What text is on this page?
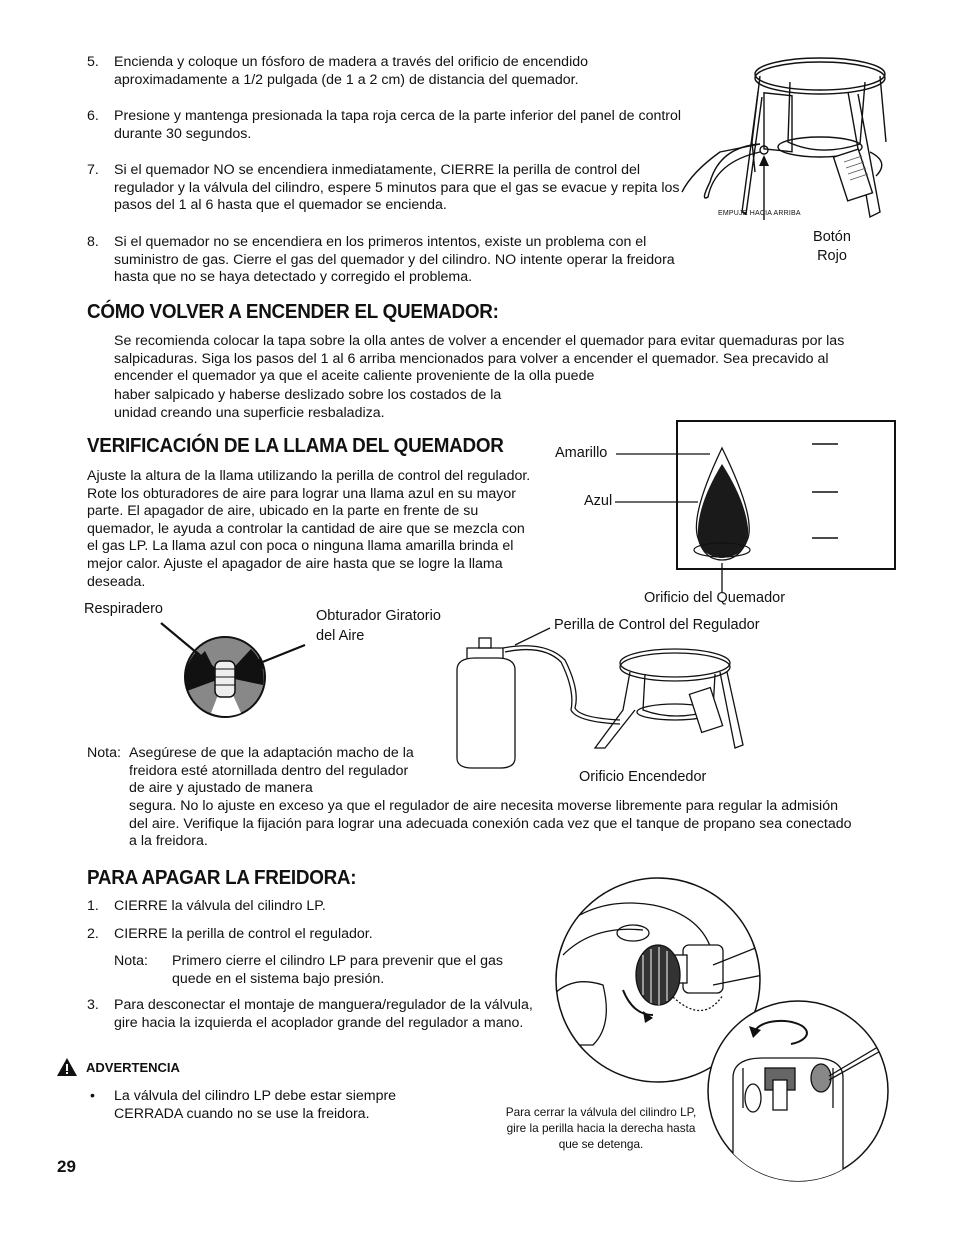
5. Encienda y coloque un fósforo de madera a través del orificio de encendido aproximadamente a 1/2 pulgada (de 1 a 2 cm) de distancia del quemador.
6. Presione y mantenga presionada la tapa roja cerca de la parte inferior del panel de control durante 30 segundos.
7. Si el quemador NO se encendiera inmediatamente, CIERRE la perilla de control del regulador y la válvula del cilindro, espere 5 minutos para que el gas se evacue y repita los pasos del 1 al 6 hasta que el quemador se encienda.
8. Si el quemador no se encendiera en los primeros intentos, existe un problema con el suministro de gas. Cierre el gas del quemador y del cilindro. NO intente operar la freidora hasta que no se haya detectado y corregido el problema.
EMPUJE HACIA ARRIBA
Botón
Rojo
CÓMO VOLVER A ENCENDER EL QUEMADOR:
Se recomienda colocar la tapa sobre la olla antes de volver a encender el quemador para evitar quemaduras por las salpicaduras. Siga los pasos del 1 al 6 arriba mencionados para volver a encender el quemador. Sea precavido al encender el quemador ya que el aceite caliente proveniente de la olla puede
haber salpicado y haberse deslizado sobre los costados de la unidad creando una superficie resbaladiza.
VERIFICACIÓN DE LA LLAMA DEL QUEMADOR
Ajuste la altura de la llama utilizando la perilla de control del regulador. Rote los obturadores de aire para lograr una llama azul en su mayor parte. El apagador de aire, ubicado en la parte en frente de su quemador, le ayuda a controlar la cantidad de aire que se mezcla con el gas LP. La llama azul con poca o ninguna llama amarilla brinda el mejor calor. Ajuste el apagador de aire hasta que se logre la llama deseada.
Amarillo
Azul
Orificio del Quemador
Respiradero	Obturador Giratorio
del Aire
Perilla de Control del Regulador
Orificio Encendedor
Nota: Asegúrese de que la adaptación macho de la freidora esté atornillada dentro del regulador de aire y ajustado de manera
segura. No lo ajuste en exceso ya que el regulador de aire necesita moverse libremente para regular la admisión del aire. Verifique la fijación para lograr una adecuada conexión cada vez que el tanque de propano sea conectado a la freidora.
PARA APAGAR LA FREIDORA:
1. CIERRE la válvula del cilindro LP.
2. CIERRE la perilla de control el regulador.
Nota: Primero cierre el cilindro LP para prevenir que el gas quede en el sistema bajo presión.
3. Para desconectar el montaje de manguera/regulador de la válvula, gire hacia la izquierda el acoplador grande del regulador a mano.
ADVERTENCIA
• La válvula del cilindro LP debe estar siempre CERRADA cuando no se use la freidora.	Para cerrar la válvula del cilindro LP, gire la perilla hacia la derecha hasta que se detenga.
29
